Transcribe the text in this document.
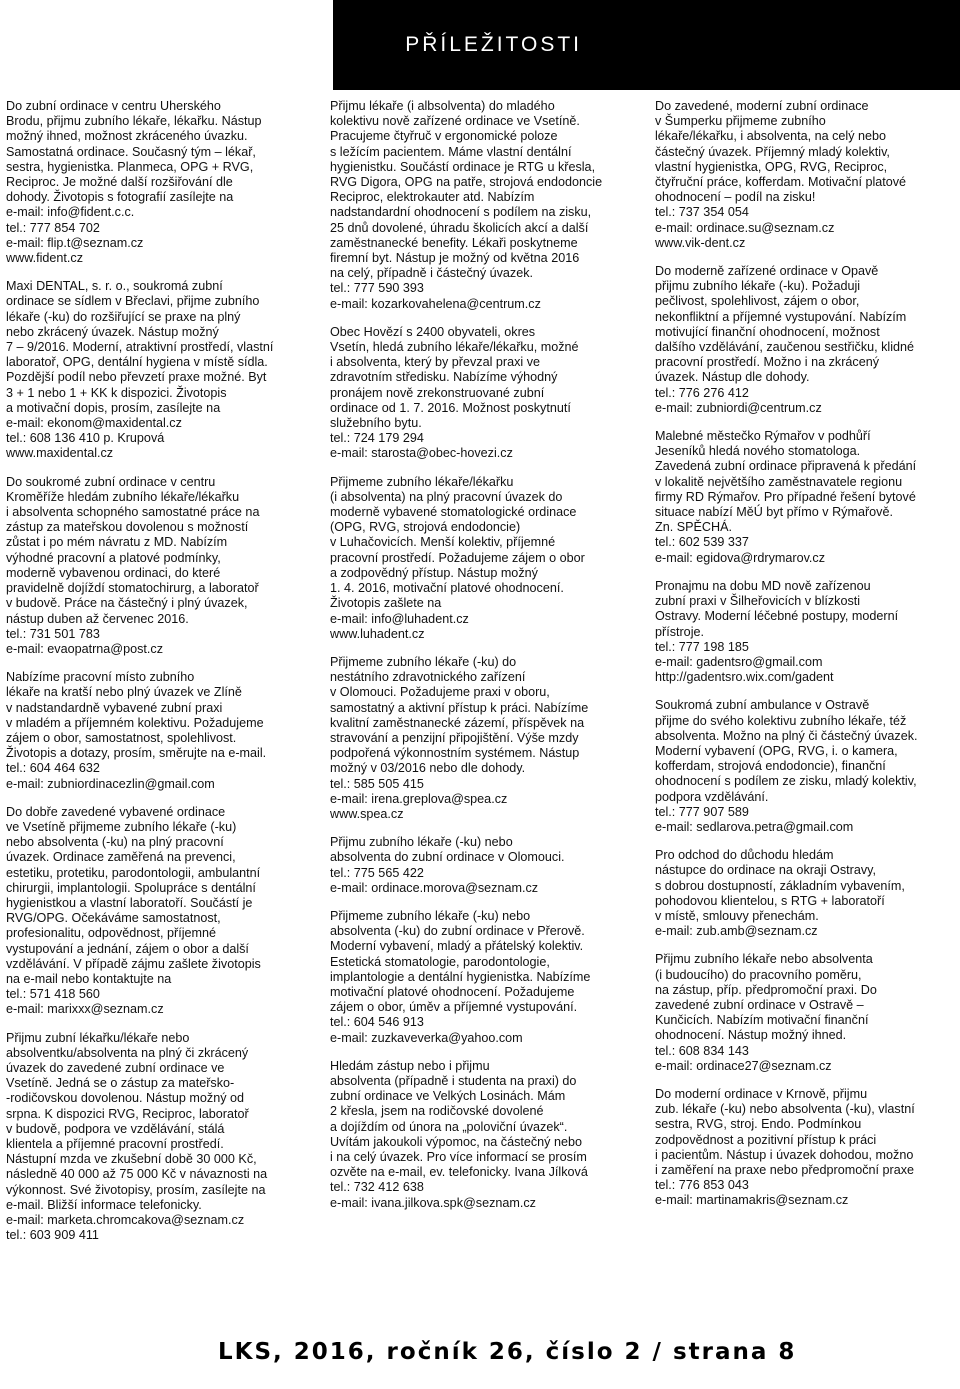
PŘÍLEŽITOSTI

Do zubní ordinace v centru Uherského
Brodu, přijmu zubního lékaře, lékařku. Nástup
možný ihned, možnost zkráceného úvazku.
Samostatná ordinace. Současný tým – lékař,
sestra, hygienistka. Planmeca, OPG + RVG,
Reciproc. Je možné další rozšiřování dle
dohody. Životopis s fotografií zasílejte na
e-mail: info@fident.c.c.
tel.: 777 854 702
e-mail: flip.t@seznam.cz
www.fident.cz

Maxi DENTAL, s. r. o., soukromá zubní
ordinace se sídlem v Břeclavi, přijme zubního
lékaře (-ku) do rozšiřující se praxe na plný
nebo zkrácený úvazek. Nástup možný
7 – 9/2016. Moderní, atraktivní prostředí, vlastní
laboratoř, OPG, dentální hygiena v místě sídla.
Pozdější podíl nebo převzetí praxe možné. Byt
3 + 1 nebo 1 + KK k dispozici. Životopis
a motivační dopis, prosím, zasílejte na
e-mail: ekonom@maxidental.cz
tel.: 608 136 410 p. Krupová
www.maxidental.cz

Do soukromé zubní ordinace v centru
Kroměříže hledám zubního lékaře/lékařku
i absolventa schopného samostatné práce na
zástup za mateřskou dovolenou s možností
zůstat i po mém návratu z MD. Nabízím
výhodné pracovní a platové podmínky,
moderně vybavenou ordinaci, do které
pravidelně dojíždí stomatochirurg, a laboratoř
v budově. Práce na částečný i plný úvazek,
nástup duben až červenec 2016.
tel.: 731 501 783
e-mail: evaopatrna@post.cz

Nabízíme pracovní místo zubního
lékaře na kratší nebo plný úvazek ve Zlíně
v nadstandardně vybavené zubní praxi
v mladém a příjemném kolektivu. Požadujeme
zájem o obor, samostatnost, spolehlivost.
Životopis a dotazy, prosím, směrujte na e-mail.
tel.: 604 464 632
e-mail: zubniordinacezlin@gmail.com

Do dobře zavedené vybavené ordinace
ve Vsetíně přijmeme zubního lékaře (-ku)
nebo absolventa (-ku) na plný pracovní
úvazek. Ordinace zaměřená na prevenci,
estetiku, protetiku, parodontologii, ambulantní
chirurgii, implantologii. Spolupráce s dentální
hygienistkou a vlastní laboratoří. Součástí je
RVG/OPG. Očekáváme samostatnost,
profesionalitu, odpovědnost, příjemné
vystupování a jednání, zájem o obor a další
vzdělávání. V případě zájmu zašlete životopis
na e-mail nebo kontaktujte na
tel.: 571 418 560
e-mail: marixxx@seznam.cz

Přijmu zubní lékařku/lékaře nebo
absolventku/absolventa na plný či zkrácený
úvazek do zavedené zubní ordinace ve
Vsetíně. Jedná se o zástup za mateřsko-
-rodičovskou dovolenou. Nástup možný od
srpna. K dispozici RVG, Reciproc, laboratoř
v budově, podpora ve vzdělávání, stálá
klientela a příjemné pracovní prostředí.
Nástupní mzda ve zkušební době 30 000 Kč,
následně 40 000 až 75 000 Kč v návaznosti na
výkonnost. Své životopisy, prosím, zasílejte na
e-mail. Bližší informace telefonicky.
e-mail: marketa.chromcakova@seznam.cz
tel.: 603 909 411

Přijmu lékaře (i albsolventa) do mladého
kolektivu nově zařízené ordinace ve Vsetíně.
Pracujeme čtyřruč v ergonomické poloze
s ležícím pacientem. Máme vlastní dentální
hygienistku. Součástí ordinace je RTG u křesla,
RVG Digora, OPG na patře, strojová endodoncie
Reciproc, elektrokauter atd. Nabízím
nadstandardní ohodnocení s podílem na zisku,
25 dnů dovolené, úhradu školicích akcí a další
zaměstnanecké benefity. Lékaři poskytneme
firemní byt. Nástup je možný od května 2016
na celý, případně i částečný úvazek.
tel.: 777 590 393
e-mail: kozarkovahelena@centrum.cz

Obec Hovězí s 2400 obyvateli, okres
Vsetín, hledá zubního lékaře/lékařku, možné
i absolventa, který by převzal praxi ve
zdravotním středisku. Nabízíme výhodný
pronájem nově zrekonstruované zubní
ordinace od 1. 7. 2016. Možnost poskytnutí
služebního bytu.
tel.: 724 179 294
e-mail: starosta@obec-hovezi.cz

Přijmeme zubního lékaře/lékařku
(i absolventa) na plný pracovní úvazek do
moderně vybavené stomatologické ordinace
(OPG, RVG, strojová endodoncie)
v Luhačovicích. Menší kolektiv, příjemné
pracovní prostředí. Požadujeme zájem o obor
a zodpovědný přístup. Nástup možný
1. 4. 2016, motivační platové ohodnocení.
Životopis zašlete na
e-mail: info@luhadent.cz
www.luhadent.cz

Přijmeme zubního lékaře (-ku) do
nestátního zdravotnického zařízení
v Olomouci. Požadujeme praxi v oboru,
samostatný a aktivní přístup k práci. Nabízíme
kvalitní zaměstnanecké zázemí, příspěvek na
stravování a penzijní připojištění. Výše mzdy
podpořená výkonnostním systémem. Nástup
možný v 03/2016 nebo dle dohody.
tel.: 585 505 415
e-mail: irena.greplova@spea.cz
www.spea.cz

Přijmu zubního lékaře (-ku) nebo
absolventa do zubní ordinace v Olomouci.
tel.: 775 565 422
e-mail: ordinace.morova@seznam.cz

Přijmeme zubního lékaře (-ku) nebo
absolventa (-ku) do zubní ordinace v Přerově.
Moderní vybavení, mladý a přátelský kolektiv.
Estetická stomatologie, parodontologie,
implantologie a dentální hygienistka. Nabízíme
motivační platové ohodnocení. Požadujeme
zájem o obor, úměv a příjemné vystupování.
tel.: 604 546 913
e-mail: zuzkaveverka@yahoo.com

Hledám zástup nebo i přijmu
absolventa (případně i studenta na praxi) do
zubní ordinace ve Velkých Losinách. Mám
2 křesla, jsem na rodičovské dovolené
a dojíždím od února na „poloviční úvazek“.
Uvítám jakoukoli výpomoc, na částečný nebo
i na celý úvazek. Pro více informací se prosím
ozvěte na e-mail, ev. telefonicky. Ivana Jílková
tel.: 732 412 638
e-mail: ivana.jilkova.spk@seznam.cz

Do zavedené, moderní zubní ordinace
v Šumperku přijmeme zubního
lékaře/lékařku, i absolventa, na celý nebo
částečný úvazek. Příjemný mladý kolektiv,
vlastní hygienistka, OPG, RVG, Reciproc,
čtyřruční práce, kofferdam. Motivační platové
ohodnocení – podíl na zisku!
tel.: 737 354 054
e-mail: ordinace.su@seznam.cz
www.vik-dent.cz

Do moderně zařízené ordinace v Opavě
přijmu zubního lékaře (-ku). Požaduji
pečlivost, spolehlivost, zájem o obor,
nekonfliktní a příjemné vystupování. Nabízím
motivující finanční ohodnocení, možnost
dalšího vzdělávání, zaučenou sestřičku, klidné
pracovní prostředí. Možno i na zkrácený
úvazek. Nástup dle dohody.
tel.: 776 276 412
e-mail: zubniordi@centrum.cz

Malebné městečko Rýmařov v podhůří
Jeseníků hledá nového stomatologa.
Zavedená zubní ordinace připravená k předání
v lokalitě největšího zaměstnavatele regionu
firmy RD Rýmařov. Pro případné řešení bytové
situace nabízí MěÚ byt přímo v Rýmařově.
Zn. SPĚCHÁ.
tel.: 602 539 337
e-mail: egidova@rdrymarov.cz

Pronajmu na dobu MD nově zařízenou
zubní praxi v Šilheřovicích v blízkosti
Ostravy. Moderní léčebné postupy, moderní
přístroje.
tel.: 777 198 185
e-mail: gadentsro@gmail.com
http://gadentsro.wix.com/gadent

Soukromá zubní ambulance v Ostravě
přijme do svého kolektivu zubního lékaře, též
absolventa. Možno na plný či částečný úvazek.
Moderní vybavení (OPG, RVG, i. o kamera,
kofferdam, strojová endodoncie), finanční
ohodnocení s podílem ze zisku, mladý kolektiv,
podpora vzdělávání.
tel.: 777 907 589
e-mail: sedlarova.petra@gmail.com

Pro odchod do důchodu hledám
nástupce do ordinace na okraji Ostravy,
s dobrou dostupností, základním vybavením,
pohodovou klientelou, s RTG + laboratoří
v místě, smlouvy přenechám.
e-mail: zub.amb@seznam.cz

Přijmu zubního lékaře nebo absolventa
(i budoucího) do pracovního poměru,
na zástup, příp. předpromoční praxi. Do
zavedené zubní ordinace v Ostravě –
Kunčicích. Nabízím motivační finanční
ohodnocení. Nástup možný ihned.
tel.: 608 834 143
e-mail: ordinace27@seznam.cz

Do moderní ordinace v Krnově, přijmu
zub. lékaře (-ku) nebo absolventa (-ku), vlastní
sestra, RVG, stroj. Endo. Podmínkou
zodpovědnost a pozitivní přístup k práci
i pacientům. Nástup i úvazek dohodou, možno
i zaměření na praxe nebo předpromoční praxe
tel.: 776 853 043
e-mail: martinamakris@seznam.cz

LKS, 2016, ročník 26, číslo 2 / strana 8
